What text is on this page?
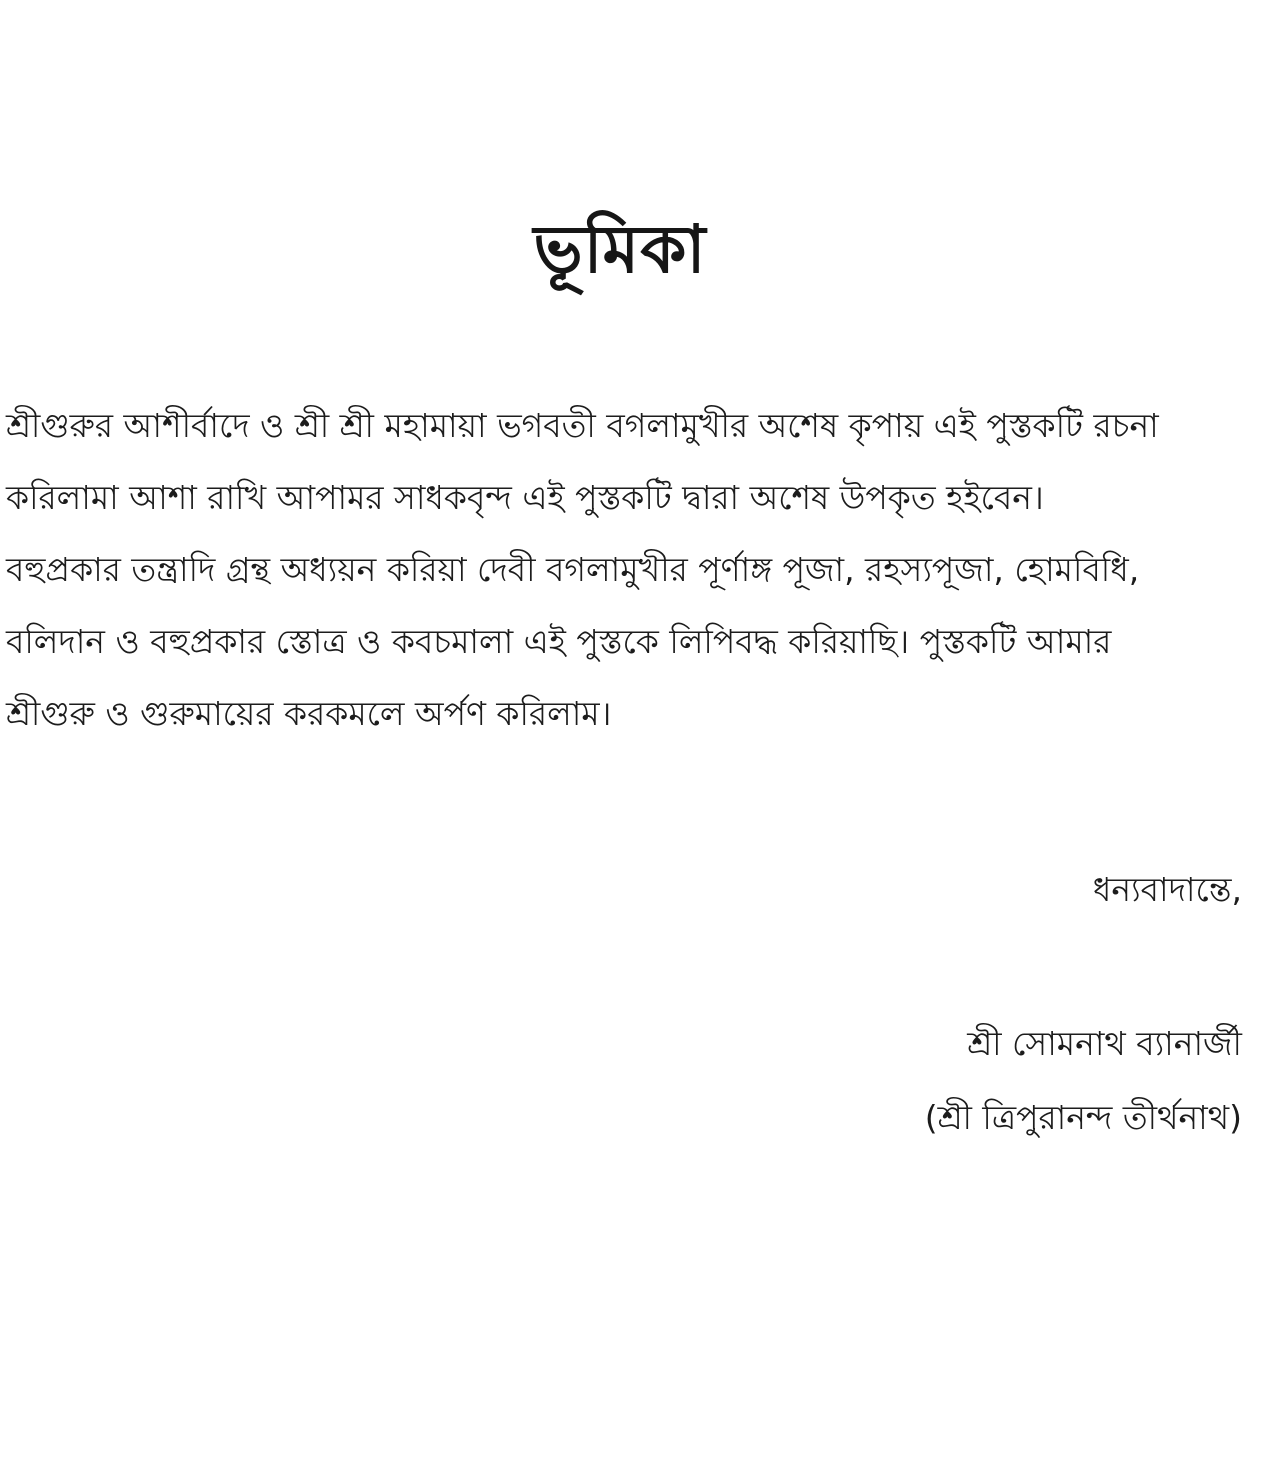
ভূমিকা
শ্রীগুরুর আশীর্বাদে ও শ্রী শ্রী মহামায়া ভগবতী বগলামুখীর অশেষ কৃপায় এই পুস্তকটি রচনা
করিলামা আশা রাখি আপামর সাধকবৃন্দ এই পুস্তকটি দ্বারা অশেষ উপকৃত হইবেন।
বহুপ্রকার তন্ত্রাদি গ্রন্থ অধ্যয়ন করিয়া দেবী বগলামুখীর পূর্ণাঙ্গ পূজা, রহস্যপূজা, হোমবিধি,
বলিদান ও বহুপ্রকার স্তোত্র ও কবচমালা এই পুস্তকে লিপিবদ্ধ করিয়াছি। পুস্তকটি আমার
শ্রীগুরু ও গুরুমায়ের করকমলে অর্পণ করিলাম।
ধন্যবাদান্তে,
শ্রী সোমনাথ ব্যানার্জী
(শ্রী ত্রিপুরানন্দ তীর্থনাথ)
